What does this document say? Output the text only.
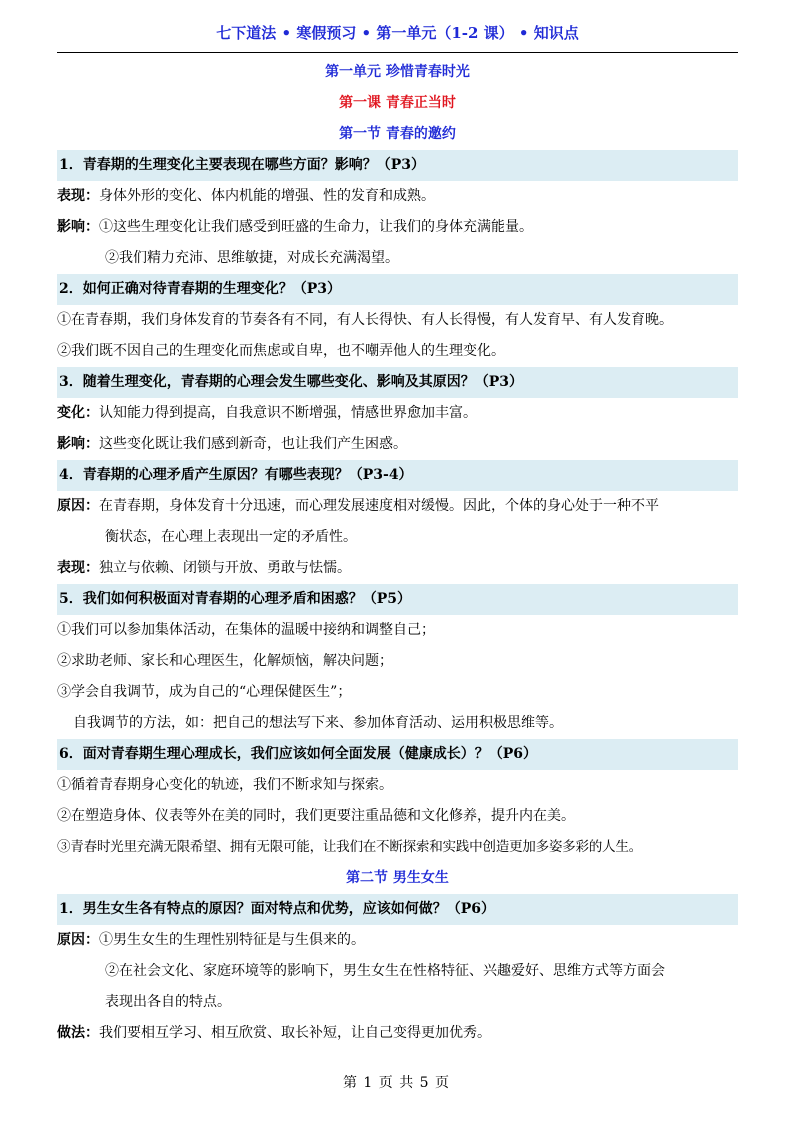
七下道法 • 寒假预习 • 第一单元（1-2 课） • 知识点
第一单元 珍惜青春时光
第一课 青春正当时
第一节 青春的邀约
1．青春期的生理变化主要表现在哪些方面？影响？（P3）
表现：身体外形的变化、体内机能的增强、性的发育和成熟。
影响：①这些生理变化让我们感受到旺盛的生命力，让我们的身体充满能量。
②我们精力充沛、思维敏捷，对成长充满渴望。
2．如何正确对待青春期的生理变化？（P3）
①在青春期，我们身体发育的节奏各有不同，有人长得快、有人长得慢，有人发育早、有人发育晚。
②我们既不因自己的生理变化而焦虑或自卑，也不嘲弄他人的生理变化。
3．随着生理变化，青春期的心理会发生哪些变化、影响及其原因？（P3）
变化：认知能力得到提高，自我意识不断增强，情感世界愈加丰富。
影响：这些变化既让我们感到新奇，也让我们产生困惑。
4．青春期的心理矛盾产生原因？有哪些表现？（P3-4）
原因：在青春期，身体发育十分迅速，而心理发展速度相对缓慢。因此，个体的身心处于一种不平
衡状态，在心理上表现出一定的矛盾性。
表现：独立与依赖、闭锁与开放、勇敢与怯懦。
5．我们如何积极面对青春期的心理矛盾和困惑？（P5）
①我们可以参加集体活动，在集体的温暖中接纳和调整自己；
②求助老师、家长和心理医生，化解烦恼，解决问题；
③学会自我调节，成为自己的“心理保健医生”；
自我调节的方法，如：把自己的想法写下来、参加体育活动、运用积极思维等。
6．面对青春期生理心理成长，我们应该如何全面发展（健康成长）？（P6）
①循着青春期身心变化的轨迹，我们不断求知与探索。
②在塑造身体、仪表等外在美的同时，我们更要注重品德和文化修养，提升内在美。
③青春时光里充满无限希望、拥有无限可能，让我们在不断探索和实践中创造更加多姿多彩的人生。
第二节 男生女生
1．男生女生各有特点的原因？面对特点和优势，应该如何做？（P6）
原因：①男生女生的生理性别特征是与生俱来的。
②在社会文化、家庭环境等的影响下，男生女生在性格特征、兴趣爱好、思维方式等方面会
表现出各自的特点。
做法：我们要相互学习、相互欣赏、取长补短，让自己变得更加优秀。
第 1 页 共 5 页
